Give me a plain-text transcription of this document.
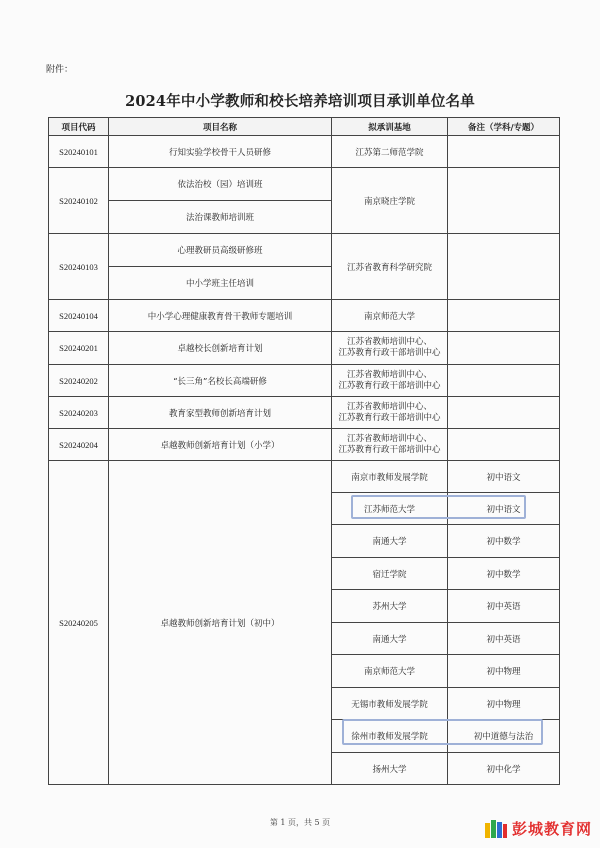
附件：
2024年中小学教师和校长培养培训项目承训单位名单
项目代码	项目名称	拟承训基地	备注（学科/专题）
S20240101	行知实验学校骨干人员研修	江苏第二师范学院	
S20240102	依法治校（园）培训班	南京晓庄学院	
	法治课教师培训班		
S20240103	心理教研员高级研修班	江苏省教育科学研究院	
	中小学班主任培训		
S20240104	中小学心理健康教育骨干教师专题培训	南京师范大学	
S20240201	卓越校长创新培育计划	江苏省教师培训中心、
江苏教育行政干部培训中心	

S20240202	“长三角”名校长高端研修	江苏省教师培训中心、
江苏教育行政干部培训中心	

S20240203	教育家型教师创新培育计划	江苏省教师培训中心、
江苏教育行政干部培训中心	

S20240204	卓越教师创新培育计划（小学）	江苏省教师培训中心、
江苏教育行政干部培训中心	

S20240205	卓越教师创新培育计划（初中）	南京市教师发展学院	初中语文
		江苏师范大学	初中语文
		南通大学	初中数学
		宿迁学院	初中数学
		苏州大学	初中英语
		南通大学	初中英语
		南京师范大学	初中物理
		无锡市教师发展学院	初中物理
		徐州市教师发展学院	初中道德与法治
		扬州大学	初中化学
第 1 页，共 5 页	彭城教育网
